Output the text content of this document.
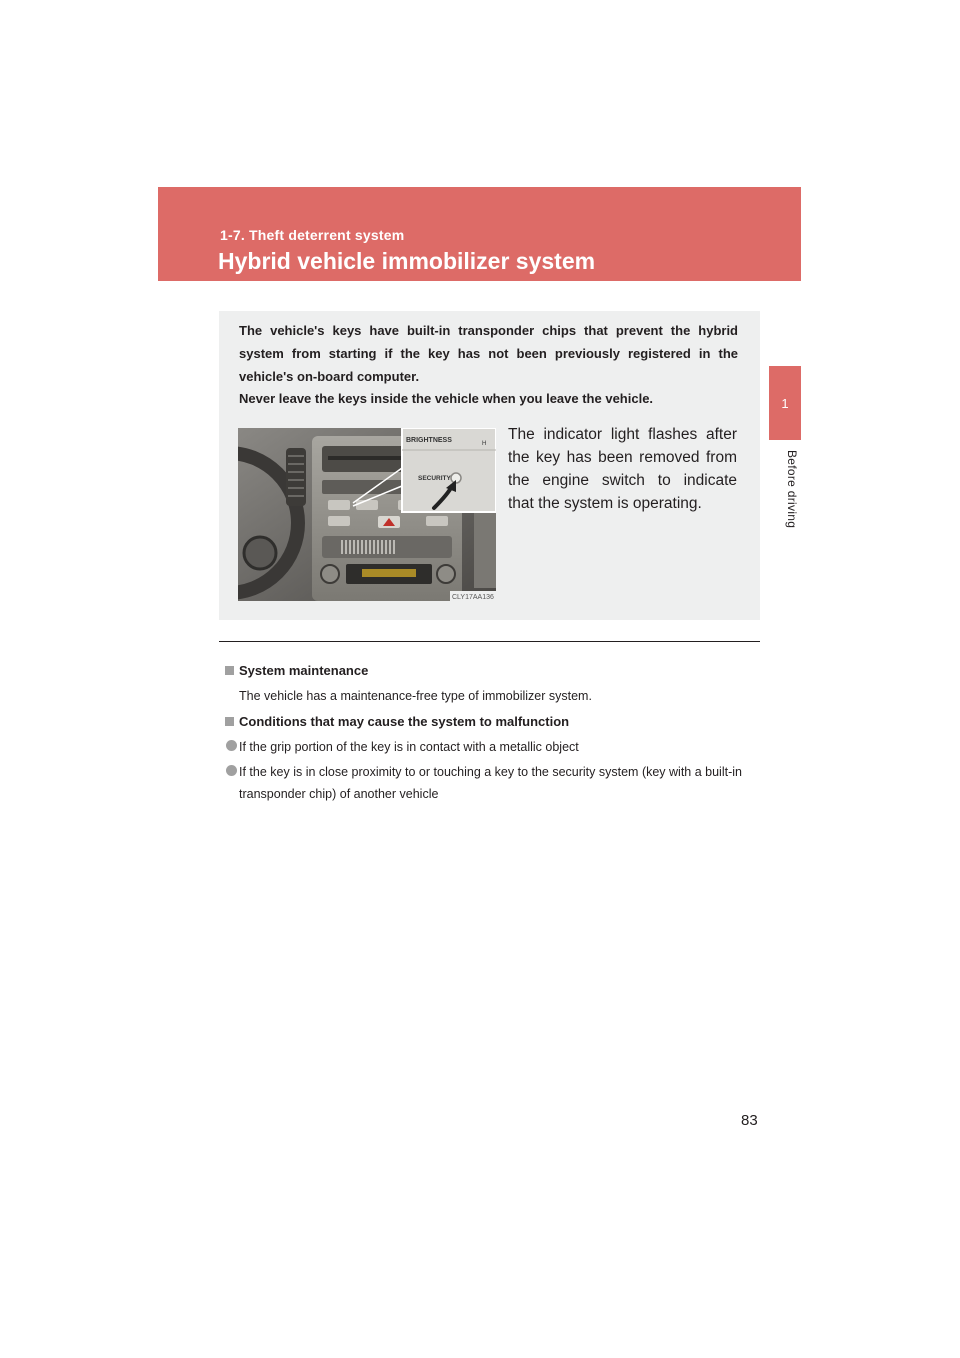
1-7. Theft deterrent system
Hybrid vehicle immobilizer system
1
Before driving
The vehicle's keys have built-in transponder chips that prevent the hybrid
system from starting if the key has not been previously registered in the
vehicle's on-board computer.
Never leave the keys inside the vehicle when you leave the vehicle.
BRIGHTNESS	H
SECURITY
CLY17AA136
The indicator light flashes after
the key has been removed from
the engine switch to indicate
that the system is operating.
System maintenance
The vehicle has a maintenance-free type of immobilizer system.
Conditions that may cause the system to malfunction
If the grip portion of the key is in contact with a metallic object
If the key is in close proximity to or touching a key to the security system (key with a built-in transponder chip) of another vehicle
83
